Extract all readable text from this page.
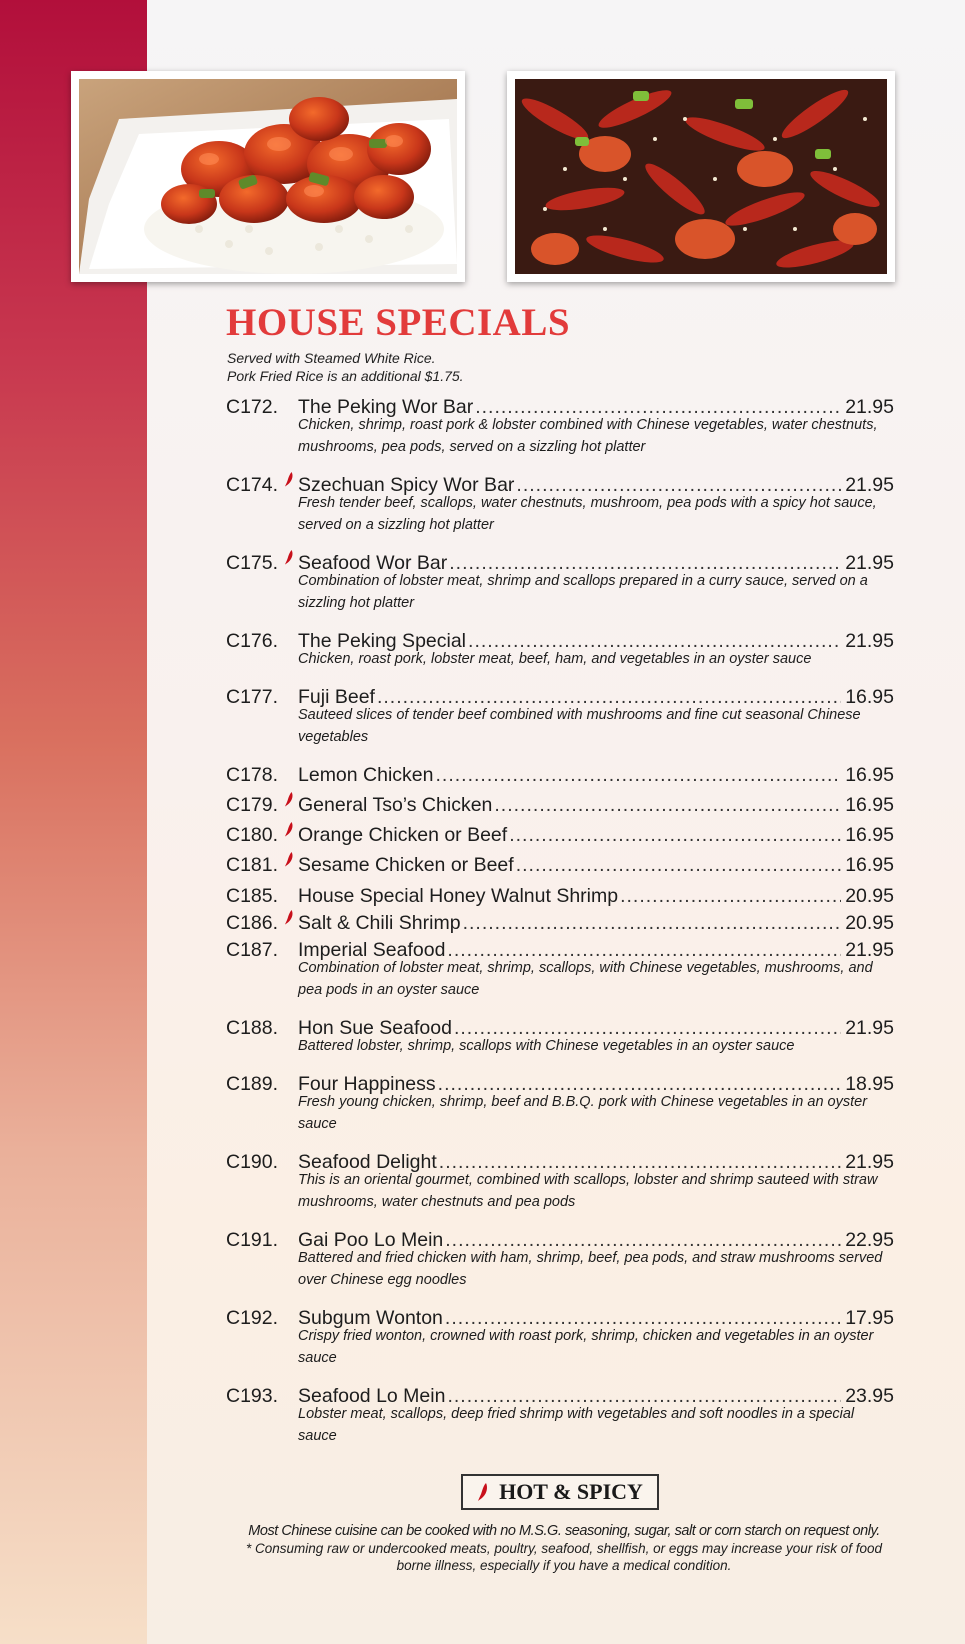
HOUSE SPECIALS
Served with Steamed White Rice.
Pork Fried Rice is an additional $1.75.
C172. The Peking Wor Bar .....	21.95
Chicken, shrimp, roast pork & lobster combined with Chinese vegetables, water chestnuts, mushrooms, pea pods, served on a sizzling hot platter
C174. Szechuan Spicy Wor Bar .....	21.95
Fresh tender beef, scallops, water chestnuts, mushroom, pea pods with a spicy hot sauce, served on a sizzling hot platter
C175. Seafood Wor Bar .....	21.95
Combination of lobster meat, shrimp and scallops prepared in a curry sauce, served on a sizzling hot platter
C176. The Peking Special .....	21.95
Chicken, roast pork, lobster meat, beef, ham, and vegetables in an oyster sauce
C177. Fuji Beef .....	16.95
Sauteed slices of tender beef combined with mushrooms and fine cut seasonal Chinese vegetables
C178. Lemon Chicken .....	16.95
C179. General Tso’s Chicken .....	16.95
C180. Orange Chicken or Beef .....	16.95
C181. Sesame Chicken or Beef .....	16.95
C185. House Special Honey Walnut Shrimp .....	20.95
C186. Salt & Chili Shrimp .....	20.95
C187. Imperial Seafood .....	21.95
Combination of lobster meat, shrimp, scallops, with Chinese vegetables, mushrooms, and pea pods in an oyster sauce
C188. Hon Sue Seafood .....	21.95
Battered lobster, shrimp, scallops with Chinese vegetables in an oyster sauce
C189. Four Happiness .....	18.95
Fresh young chicken, shrimp, beef and B.B.Q. pork with Chinese vegetables in an oyster sauce
C190. Seafood Delight .....	21.95
This is an oriental gourmet, combined with scallops, lobster and shrimp sauteed with straw mushrooms, water chestnuts and pea pods
C191. Gai Poo Lo Mein .....	22.95
Battered and fried chicken with ham, shrimp, beef, pea pods, and straw mushrooms served over Chinese egg noodles
C192. Subgum Wonton .....	17.95
Crispy fried wonton, crowned with roast pork, shrimp, chicken and vegetables in an oyster sauce
C193. Seafood Lo Mein .....	23.95
Lobster meat, scallops, deep fried shrimp with vegetables and soft noodles in a special sauce
HOT & SPICY
Most Chinese cuisine can be cooked with no M.S.G. seasoning, sugar, salt or corn starch on request only.
* Consuming raw or undercooked meats, poultry, seafood, shellfish, or eggs may increase your risk of food borne illness, especially if you have a medical condition.
